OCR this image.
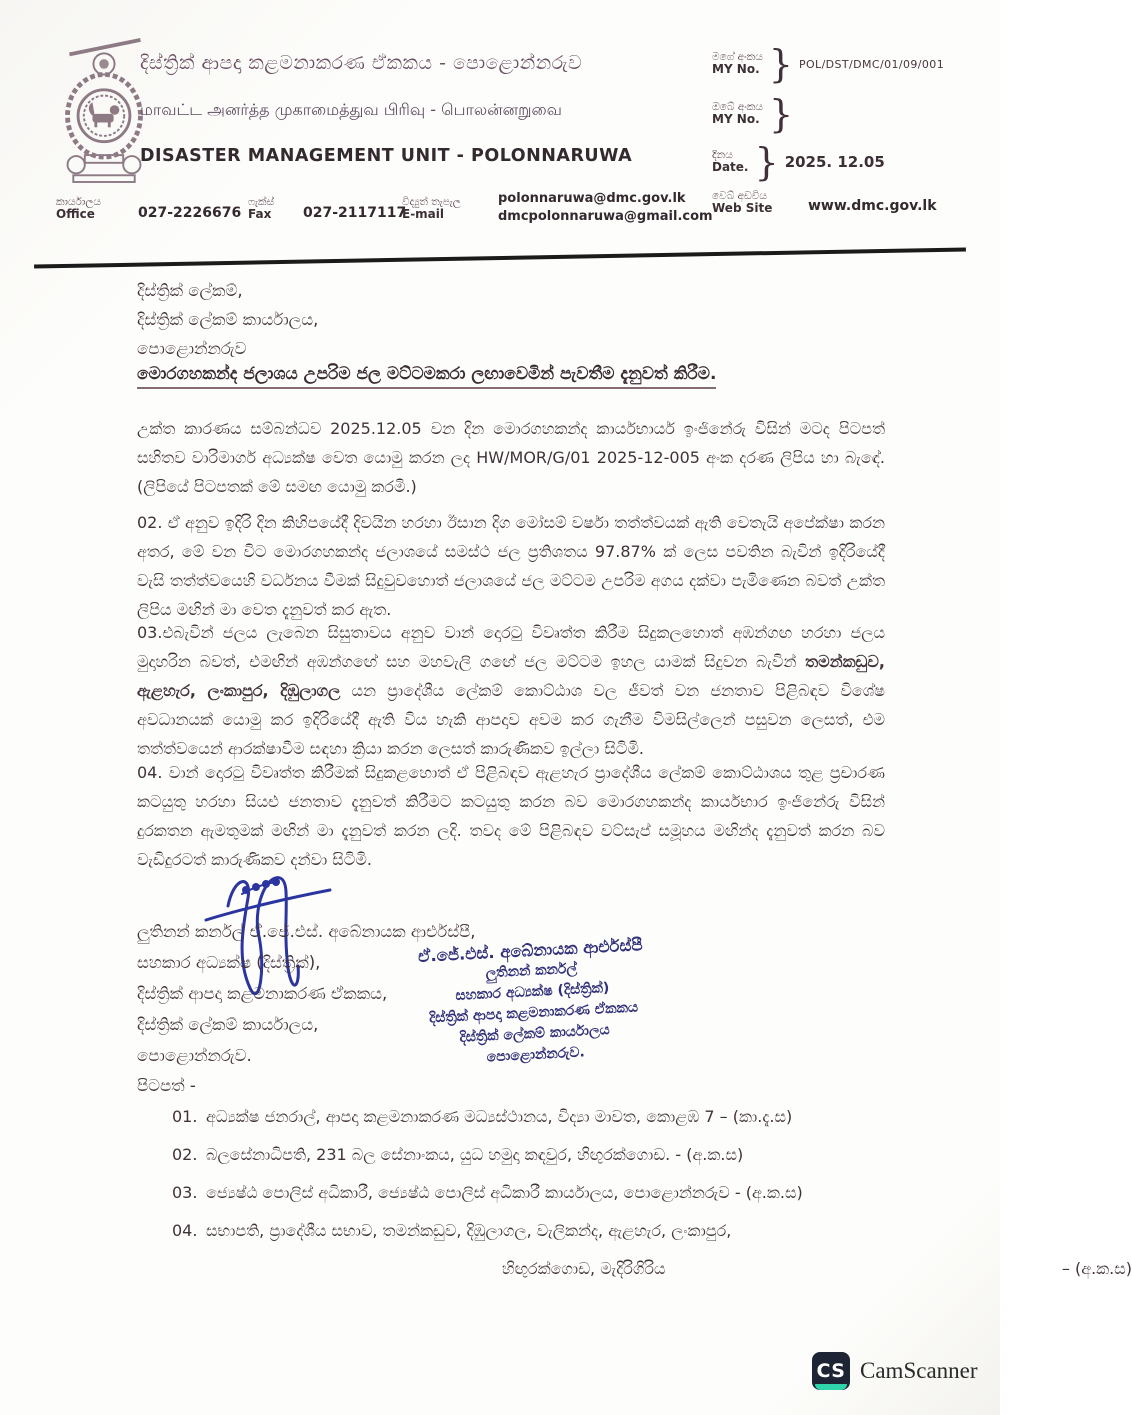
දිස්ත්‍රික් ආපදා කළමනාකරණ ඒකකය - පොළොන්නරුව
மாவட்ட அனர்த்த முகாமைத்துவ பிரிவு - பொலன்னறுவை
DISASTER MANAGEMENT UNIT - POLONNARUWA
මගේ අංකය
MY No. } POL/DST/DMC/01/09/001
ඔබේ අංකය
MY No. }
දිනය
Date. } 2025. 12.05
කාර්යාලය
Office	027-2226676
ෆැක්ස්
Fax 027-2117117
විද්‍යුත් තැපැල
E-mail
polonnaruwa@dmc.gov.lk
dmcpolonnaruwa@gmail.com
වෙබ් අඩවිය
Web Site	www.dmc.gov.lk
දිස්ත්‍රික් ලේකම්,
දිස්ත්‍රික් ලේකම් කාර්යාලය,
පොළොන්නරුව
මොරගහකන්ද ජලාශය උපරිම ජල මට්ටමකරා ලඟාවෙමින් පැවතීම දැනුවත් කිරීම.
උක්ත කාරණය සම්බන්ධව 2025.12.05 වන දින මොරගහකන්ද කාර්යභාර්ය ඉංජිනේරු විසින් මටද පිටපත් සහිතව වාරිමාර්ග අධ්‍යක්ෂ වෙත යොමු කරන ලද HW/MOR/G/01 2025-12-005 අංක දරණ ලිපිය හා බැඳේ. (ලිපියේ පිටපතක් මේ සමඟ යොමු කරමි.)
02. ඒ අනුව ඉදිරි දින කිහිපයේදී දිවයින හරහා ඊසාන දිග මෝසම් වර්ෂා තත්ත්වයක් ඇති වෙතැයි අපේක්ෂා කරන අතර, මේ වන විට මොරගහකන්ද ජලාශයේ සමස්ථ ජල ප්‍රතිශතය 97.87% ක් ලෙස පවතින බැවින් ඉදිරියේදී වැසි තත්ත්වයෙහි වර්ධනය වීමක් සිදුවුවහොත් ජලාශයේ ජල මට්ටම උපරිම අගය දක්වා පැමිණෙන බවත් උක්ත ලිපිය මඟින් මා වෙත දැනුවත් කර ඇත.
03.එබැවින් ජලය ලැබෙන සිසුතාවය අනුව වාන් දොරටු විවෘත්ත කිරීම සිදුකලහොත් අඹන්ගඟ හරහා ජලය මුදාහරින බවත්, එමඟින් අඹන්ගඟේ සහ මහවැලි ගඟේ ජල මට්ටම ඉහල යාමක් සිදුවන බැවින් තමන්කඩුව, ඇළහැර, ලංකාපුර, දිඹුලාගල යන ප්‍රාදේශීය ලේකම් කොට්ඨාශ වල ජීවත් වන ජනතාව පිළිබඳව විශේෂ අවධානයක් යොමු කර ඉදිරියේදී ඇති විය හැකි ආපදාව අවම කර ගැනීම විමසිල්ලෙන් පසුවන ලෙසත්, එම තත්ත්වයෙන් ආරක්ෂාවීම සඳහා ක්‍රියා කරන ලෙසත් කාරුණිකව ඉල්ලා සිටිමි.
04. වාන් දොරටු විවෘත්ත කිරීමක් සිදුකළහොත් ඒ පිළිබඳව ඇළහැර ප්‍රාදේශීය ලේකම් කොට්ඨාශය තුළ ප්‍රචාරණ කටයුතු හරහා සියළු ජනතාව දැනුවත් කිරීමට කටයුතු කරන බව මොරගහකන්ද කාර්යභාර ඉංජිනේරු විසින් දුරකතන ඇමතුමක් මඟින් මා දැනුවත් කරන ලදි. තවද මේ පිළිබඳව වට්සැප් සමූහය මඟින්ද දැනුවත් කරන බව වැඩිදුරටත් කාරුණිකව දන්වා සිටිමි.
ලුතිනන් කර්නල් ඒ.ජේ.එස්. අබේනායක ආර්එස්පී,
සහකාර අධ්‍යක්ෂ (දිස්ත්‍රික්),
දිස්ත්‍රික් ආපදා කළමනාකරණ ඒකකය,
දිස්ත්‍රික් ලේකම් කාර්යාලය,
පොළොන්නරුව.
ඒ.ජේ.එස්. අබේනායක ආර්එස්පී
ලුතිනන් කර්නල්
සහකාර අධ්‍යක්ෂ (දිස්ත්‍රික්)
දිස්ත්‍රික් ආපදා කළමනාකරණ ඒකකය
දිස්ත්‍රික් ලේකම් කාර්යාලය
පොළොන්නරුව.
පිටපත් -
01. අධ්‍යක්ෂ ජනරාල්, ආපදා කළමනාකරණ මධ්‍යස්ථානය, විද්‍යා මාවත, කොළඹ 7 – (කා.දැ.ස)
02. බලසේනාධිපති, 231 බල සේනාංකය, යුධ හමුදා කඳවුර, හිඟුරක්ගොඩ. - (අ.ක.ස)
03. ජ්‍යෙෂ්ඨ පොලිස් අධිකාරී, ජ්‍යෙෂ්ඨ පොලිස් අධිකාරී කාර්යාලය, පොළොන්නරුව - (අ.ක.ස)
04. සභාපති, ප්‍රාදේශීය සභාව, තමන්කඩුව, දිඹුලාගල, වැලිකන්ද, ඇළහැර, ලංකාපුර,
හිඟුරක්ගොඩ, මැදිරිගිරිය	– (අ.ක.ස)
CS CamScanner
